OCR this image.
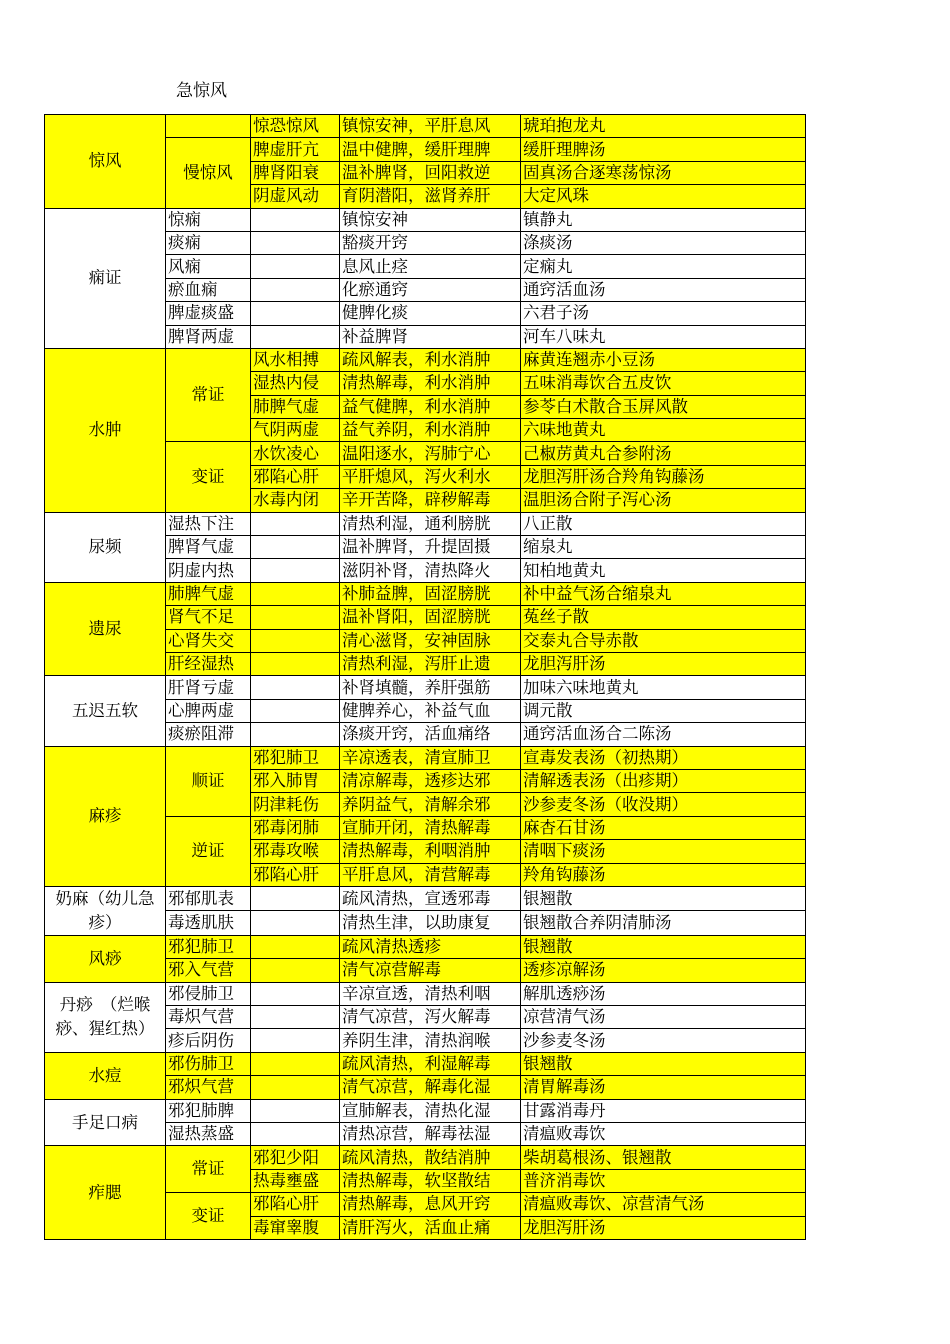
急惊风
惊风		惊恐惊风	镇惊安神，平肝息风	琥珀抱龙丸
	慢惊风	脾虚肝亢	温中健脾，缓肝理脾	缓肝理脾汤
		脾肾阳衰	温补脾肾，回阳救逆	固真汤合逐寒荡惊汤
		阴虚风动	育阴潜阳，滋肾养肝	大定风珠
痫证	惊痫		镇惊安神	镇静丸
	痰痫		豁痰开窍	涤痰汤
	风痫		息风止痉	定痫丸
	瘀血痫		化瘀通窍	通窍活血汤
	脾虚痰盛		健脾化痰	六君子汤
	脾肾两虚		补益脾肾	河车八味丸
水肿	常证	风水相搏	疏风解表，利水消肿	麻黄连翘赤小豆汤
		湿热内侵	清热解毒，利水消肿	五味消毒饮合五皮饮
		肺脾气虚	益气健脾，利水消肿	参苓白术散合玉屏风散
		气阴两虚	益气养阴，利水消肿	六味地黄丸
	变证	水饮凌心	温阳逐水，泻肺宁心	己椒苈黄丸合参附汤
		邪陷心肝	平肝熄风，泻火利水	龙胆泻肝汤合羚角钩藤汤
		水毒内闭	辛开苦降，辟秽解毒	温胆汤合附子泻心汤
尿频	湿热下注		清热利湿，通利膀胱	八正散
	脾肾气虚		温补脾肾，升提固摄	缩泉丸
	阴虚内热		滋阴补肾，清热降火	知柏地黄丸
遗尿	肺脾气虚		补肺益脾，固涩膀胱	补中益气汤合缩泉丸
	肾气不足		温补肾阳，固涩膀胱	菟丝子散
	心肾失交		清心滋肾，安神固脉	交泰丸合导赤散
	肝经湿热		清热利湿，泻肝止遗	龙胆泻肝汤
五迟五软	肝肾亏虚		补肾填髓，养肝强筋	加味六味地黄丸
	心脾两虚		健脾养心，补益气血	调元散
	痰瘀阻滞		涤痰开窍，活血痛络	通窍活血汤合二陈汤
麻疹	顺证	邪犯肺卫	辛凉透表，清宣肺卫	宣毒发表汤（初热期）
		邪入肺胃	清凉解毒，透疹达邪	清解透表汤（出疹期）
		阴津耗伤	养阴益气，清解余邪	沙参麦冬汤（收没期）
	逆证	邪毒闭肺	宣肺开闭，清热解毒	麻杏石甘汤
		邪毒攻喉	清热解毒，利咽消肿	清咽下痰汤
		邪陷心肝	平肝息风，清营解毒	羚角钩藤汤
奶麻（幼儿急疹）	邪郁肌表		疏风清热，宣透邪毒	银翘散
	毒透肌肤		清热生津，以助康复	银翘散合养阴清肺汤
风痧	邪犯肺卫		疏风清热透疹	银翘散
	邪入气营		清气凉营解毒	透疹凉解汤
丹痧　（烂喉痧、猩红热）	邪侵肺卫		辛凉宣透，清热利咽	解肌透痧汤
	毒炽气营		清气凉营，泻火解毒	凉营清气汤
	疹后阴伤		养阴生津，清热润喉	沙参麦冬汤
水痘	邪伤肺卫		疏风清热，利湿解毒	银翘散
	邪炽气营		清气凉营，解毒化湿	清胃解毒汤
手足口病	邪犯肺脾		宣肺解表，清热化湿	甘露消毒丹
	湿热蒸盛		清热凉营，解毒祛湿	清瘟败毒饮
痄腮	常证	邪犯少阳	疏风清热，散结消肿	柴胡葛根汤、银翘散
		热毒壅盛	清热解毒，软坚散结	普济消毒饮
	变证	邪陷心肝	清热解毒，息风开窍	清瘟败毒饮、凉营清气汤
		毒窜睾腹	清肝泻火，活血止痛	龙胆泻肝汤
